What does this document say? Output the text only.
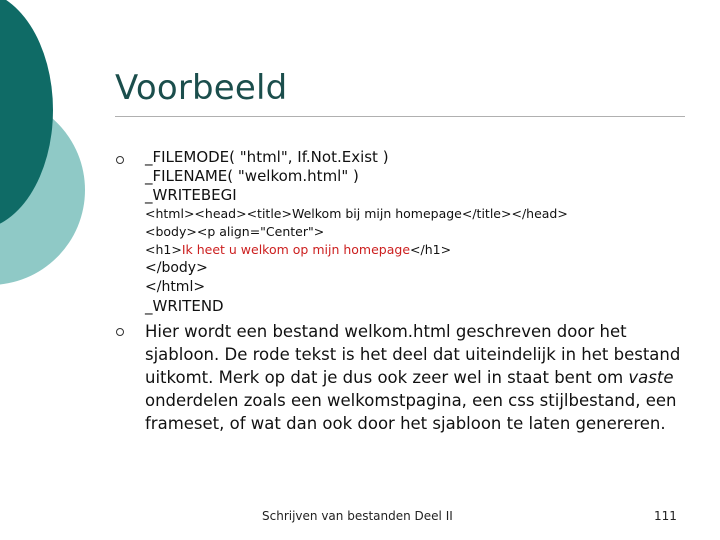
Voorbeeld
_FILEMODE( "html", If.Not.Exist )
_FILENAME( "welkom.html" )
_WRITEBEGI
<html><head><title>Welkom bij mijn homepage</title></head>
<body><p align="Center">
<h1>Ik heet u welkom op mijn homepage</h1>
</body>
</html>
_WRITEND
Hier wordt een bestand welkom.html geschreven door het sjabloon. De rode tekst is het deel dat uiteindelijk in het bestand uitkomt. Merk op dat je dus ook zeer wel in staat bent om vaste onderdelen zoals een welkomstpagina, een css stijlbestand, een frameset, of wat dan ook door het sjabloon te laten genereren.
Schrijven van bestanden Deel II	111
